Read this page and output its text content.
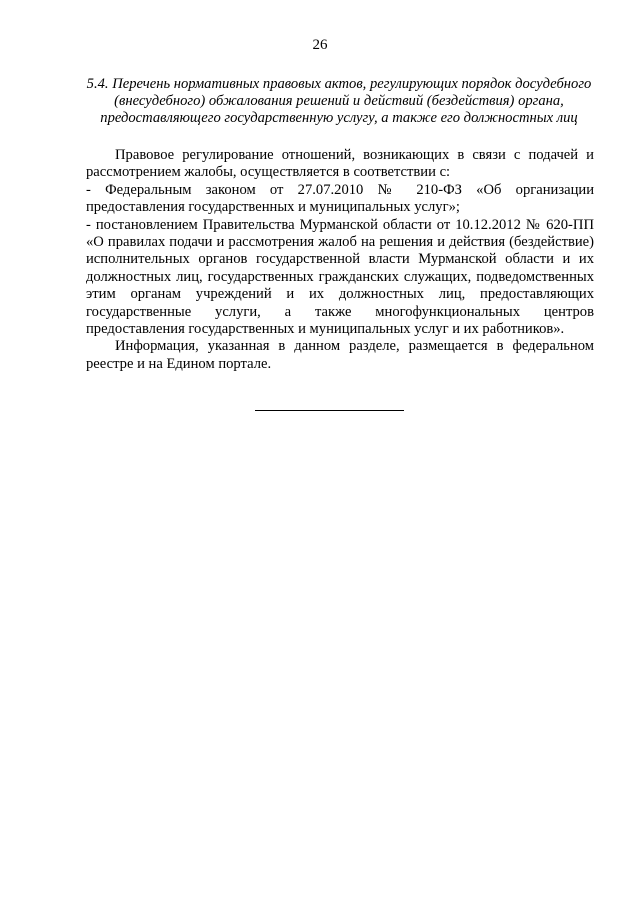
26
5.4. Перечень нормативных правовых актов, регулирующих порядок досудебного (внесудебного) обжалования решений и действий (бездействия) органа, предоставляющего государственную услугу, а также его должностных лиц

Правовое регулирование отношений, возникающих в связи с подачей и рассмотрением жалобы, осуществляется в соответствии с:

- Федеральным законом от 27.07.2010 № 210-ФЗ «Об организации предоставления государственных и муниципальных услуг»;

- постановлением Правительства Мурманской области от 10.12.2012 № 620-ПП «О правилах подачи и рассмотрения жалоб на решения и действия (бездействие) исполнительных органов государственной власти Мурманской области и их должностных лиц, государственных гражданских служащих, подведомственных этим органам учреждений и их должностных лиц, предоставляющих государственные услуги, а также многофункциональных центров предоставления государственных и муниципальных услуг и их работников».

Информация, указанная в данном разделе, размещается в федеральном реестре и на Едином портале.
